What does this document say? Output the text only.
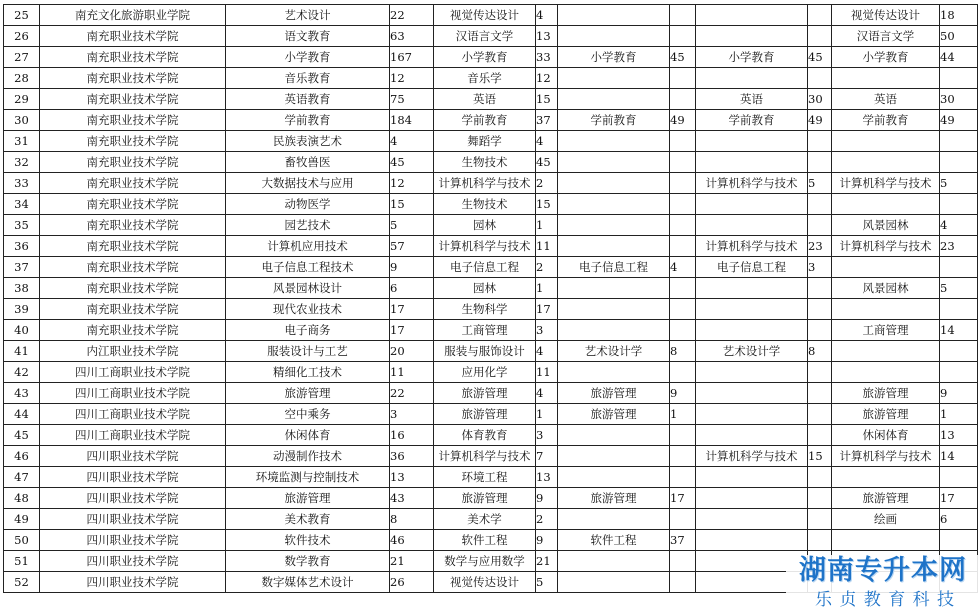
25	南充文化旅游职业学院	艺术设计	22	视觉传达设计	4					视觉传达设计	18
26	南充职业技术学院	语文教育	63	汉语言文学	13					汉语言文学	50
27	南充职业技术学院	小学教育	167	小学教育	33	小学教育	45	小学教育	45	小学教育	44
28	南充职业技术学院	音乐教育	12	音乐学	12						
29	南充职业技术学院	英语教育	75	英语	15			英语	30	英语	30
30	南充职业技术学院	学前教育	184	学前教育	37	学前教育	49	学前教育	49	学前教育	49
31	南充职业技术学院	民族表演艺术	4	舞蹈学	4						
32	南充职业技术学院	畜牧兽医	45	生物技术	45						
33	南充职业技术学院	大数据技术与应用	12	计算机科学与技术	2			计算机科学与技术	5	计算机科学与技术	5
34	南充职业技术学院	动物医学	15	生物技术	15						
35	南充职业技术学院	园艺技术	5	园林	1					风景园林	4
36	南充职业技术学院	计算机应用技术	57	计算机科学与技术	11			计算机科学与技术	23	计算机科学与技术	23
37	南充职业技术学院	电子信息工程技术	9	电子信息工程	2	电子信息工程	4	电子信息工程	3		
38	南充职业技术学院	风景园林设计	6	园林	1					风景园林	5
39	南充职业技术学院	现代农业技术	17	生物科学	17						
40	南充职业技术学院	电子商务	17	工商管理	3					工商管理	14
41	内江职业技术学院	服装设计与工艺	20	服装与服饰设计	4	艺术设计学	8	艺术设计学	8		
42	四川工商职业技术学院	精细化工技术	11	应用化学	11						
43	四川工商职业技术学院	旅游管理	22	旅游管理	4	旅游管理	9			旅游管理	9
44	四川工商职业技术学院	空中乘务	3	旅游管理	1	旅游管理	1			旅游管理	1
45	四川工商职业技术学院	休闲体育	16	体育教育	3					休闲体育	13
46	四川职业技术学院	动漫制作技术	36	计算机科学与技术	7			计算机科学与技术	15	计算机科学与技术	14
47	四川职业技术学院	环境监测与控制技术	13	环境工程	13						
48	四川职业技术学院	旅游管理	43	旅游管理	9	旅游管理	17			旅游管理	17
49	四川职业技术学院	美术教育	8	美术学	2					绘画	6
50	四川职业技术学院	软件技术	46	软件工程	9	软件工程	37				
51	四川职业技术学院	数学教育	21	数学与应用数学	21						
52	四川职业技术学院	数字媒体艺术设计	26	视觉传达设计	5							湖南专升本网
乐 贞 教 育 科 技
